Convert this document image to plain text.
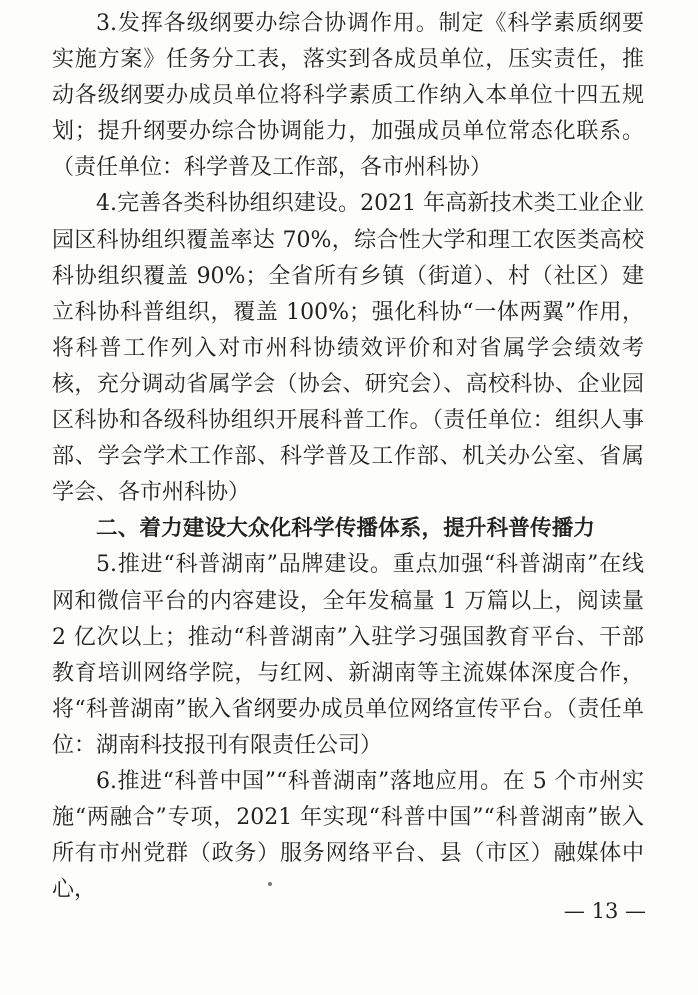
3.发挥各级纲要办综合协调作用。制定《科学素质纲要实施方案》任务分工表，落实到各成员单位，压实责任，推动各级纲要办成员单位将科学素质工作纳入本单位十四五规划；提升纲要办综合协调能力，加强成员单位常态化联系。（责任单位：科学普及工作部，各市州科协）

4.完善各类科协组织建设。2021 年高新技术类工业企业园区科协组织覆盖率达 70%，综合性大学和理工农医类高校科协组织覆盖 90%；全省所有乡镇（街道）、村（社区）建立科协科普组织，覆盖 100%；强化科协“一体两翼”作用，将科普工作列入对市州科协绩效评价和对省属学会绩效考核，充分调动省属学会（协会、研究会）、高校科协、企业园区科协和各级科协组织开展科普工作。（责任单位：组织人事部、学会学术工作部、科学普及工作部、机关办公室、省属学会、各市州科协）

二、着力建设大众化科学传播体系，提升科普传播力

5.推进“科普湖南”品牌建设。重点加强“科普湖南”在线网和微信平台的内容建设，全年发稿量 1 万篇以上，阅读量 2 亿次以上；推动“科普湖南”入驻学习强国教育平台、干部教育培训网络学院，与红网、新湖南等主流媒体深度合作，将“科普湖南”嵌入省纲要办成员单位网络宣传平台。（责任单位：湖南科技报刊有限责任公司）

6.推进“科普中国”“科普湖南”落地应用。在 5 个市州实施“两融合”专项，2021 年实现“科普中国”“科普湖南”嵌入所有市州党群（政务）服务网络平台、县（市区）融媒体中心，

— 13 —
